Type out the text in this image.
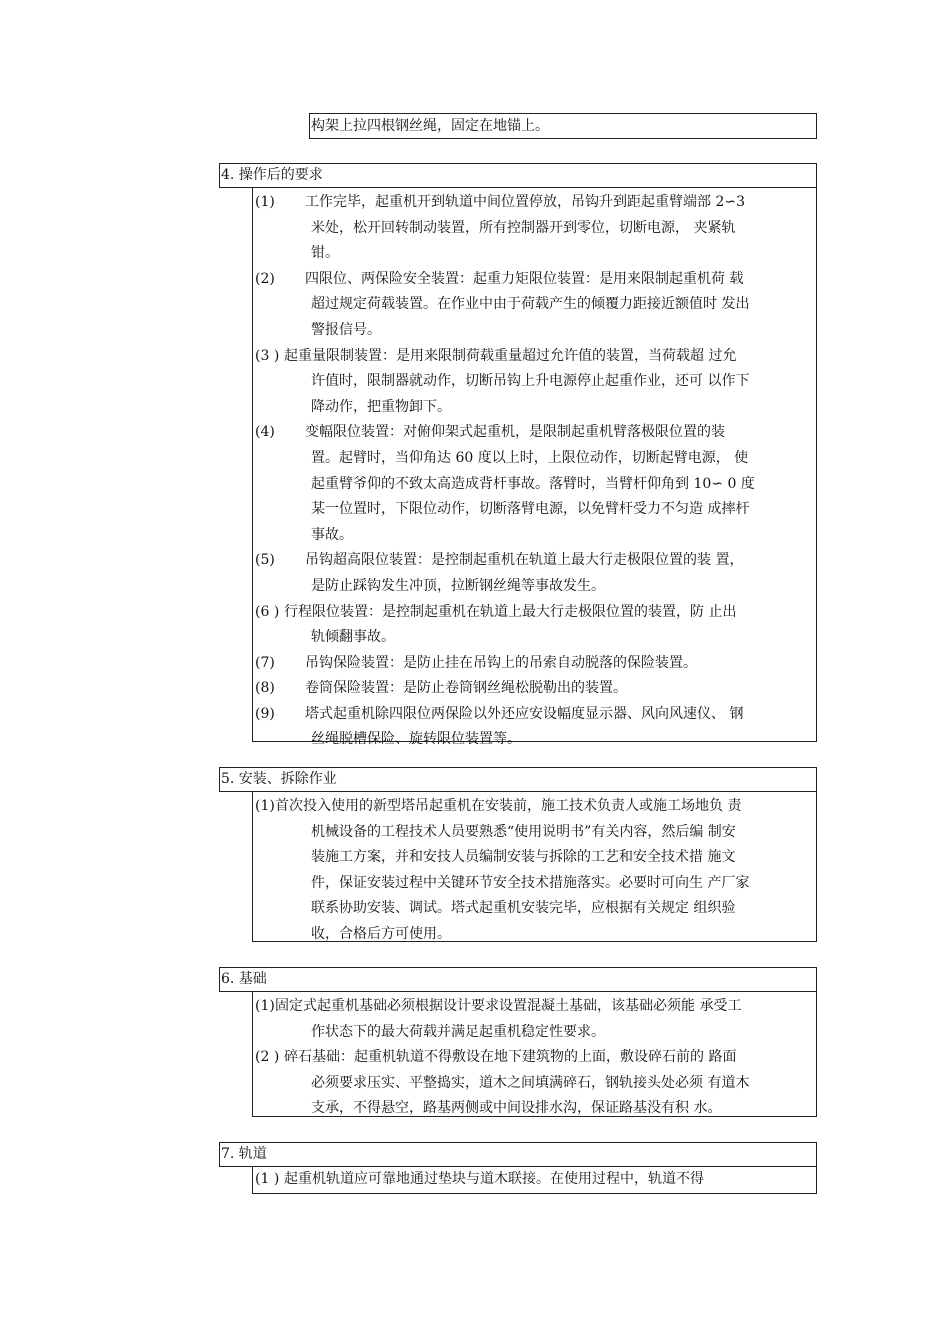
构架上拉四根钢丝绳，固定在地锚上。
4. 操作后的要求
(1)	工作完毕，起重机开到轨道中间位置停放，吊钩升到距起重臂端部 2∽3
米处，松开回转制动装置，所有控制器开到零位，切断电源， 夹紧轨
钳。
(2)	四限位、两保险安全装置：起重力矩限位装置：是用来限制起重机荷 载
超过规定荷载装置。在作业中由于荷载产生的倾覆力距接近额值时 发出
警报信号。
(3 ) 起重量限制装置：是用来限制荷载重量超过允许值的装置，当荷载超 过允
许值时，限制器就动作，切断吊钩上升电源停止起重作业，还可 以作下
降动作，把重物卸下。
(4)	变幅限位装置：对俯仰架式起重机，是限制起重机臂落极限位置的装
置。起臂时，当仰角达 60 度以上时，上限位动作，切断起臂电源， 使
起重臂爷仰的不致太高造成背杆事故。落臂时，当臂杆仰角到 10∽ 0 度
某一位置时，下限位动作，切断落臂电源，以免臂杆受力不匀造 成摔杆
事故。
(5)	吊钩超高限位装置：是控制起重机在轨道上最大行走极限位置的装 置，
是防止踩钩发生冲顶，拉断钢丝绳等事故发生。
(6 ) 行程限位装置：是控制起重机在轨道上最大行走极限位置的装置，防 止出
轨倾翻事故。
(7)	吊钩保险装置：是防止挂在吊钩上的吊索自动脱落的保险装置。
(8)	卷筒保险装置：是防止卷筒钢丝绳松脱勒出的装置。
(9)	塔式起重机除四限位两保险以外还应安设幅度显示器、风向风速仪、 钢
丝绳脱槽保险、旋转限位装置等。
5. 安装、拆除作业
(1) 首次投入使用的新型塔吊起重机在安装前，施工技术负责人或施工场地负 责
机械设备的工程技术人员要熟悉“使用说明书”有关内容，然后编 制安
装施工方案，并和安技人员编制安装与拆除的工艺和安全技术措 施文
件，保证安装过程中关键环节安全技术措施落实。必要时可向生 产厂家
联系协助安装、调试。塔式起重机安装完毕，应根据有关规定 组织验
收，合格后方可使用。
6. 基础
(1) 固定式起重机基础必须根据设计要求设置混凝土基础，该基础必须能 承受工
作状态下的最大荷载并满足起重机稳定性要求。
(2 ) 碎石基础：起重机轨道不得敷设在地下建筑物的上面，敷设碎石前的 路面
必须要求压实、平整捣实，道木之间填满碎石，钢轨接头处必须 有道木
支承，不得悬空，路基两侧或中间设排水沟，保证路基没有积 水。
7. 轨道
(1 ) 起重机轨道应可靠地通过垫块与道木联接。在使用过程中，轨道不得
